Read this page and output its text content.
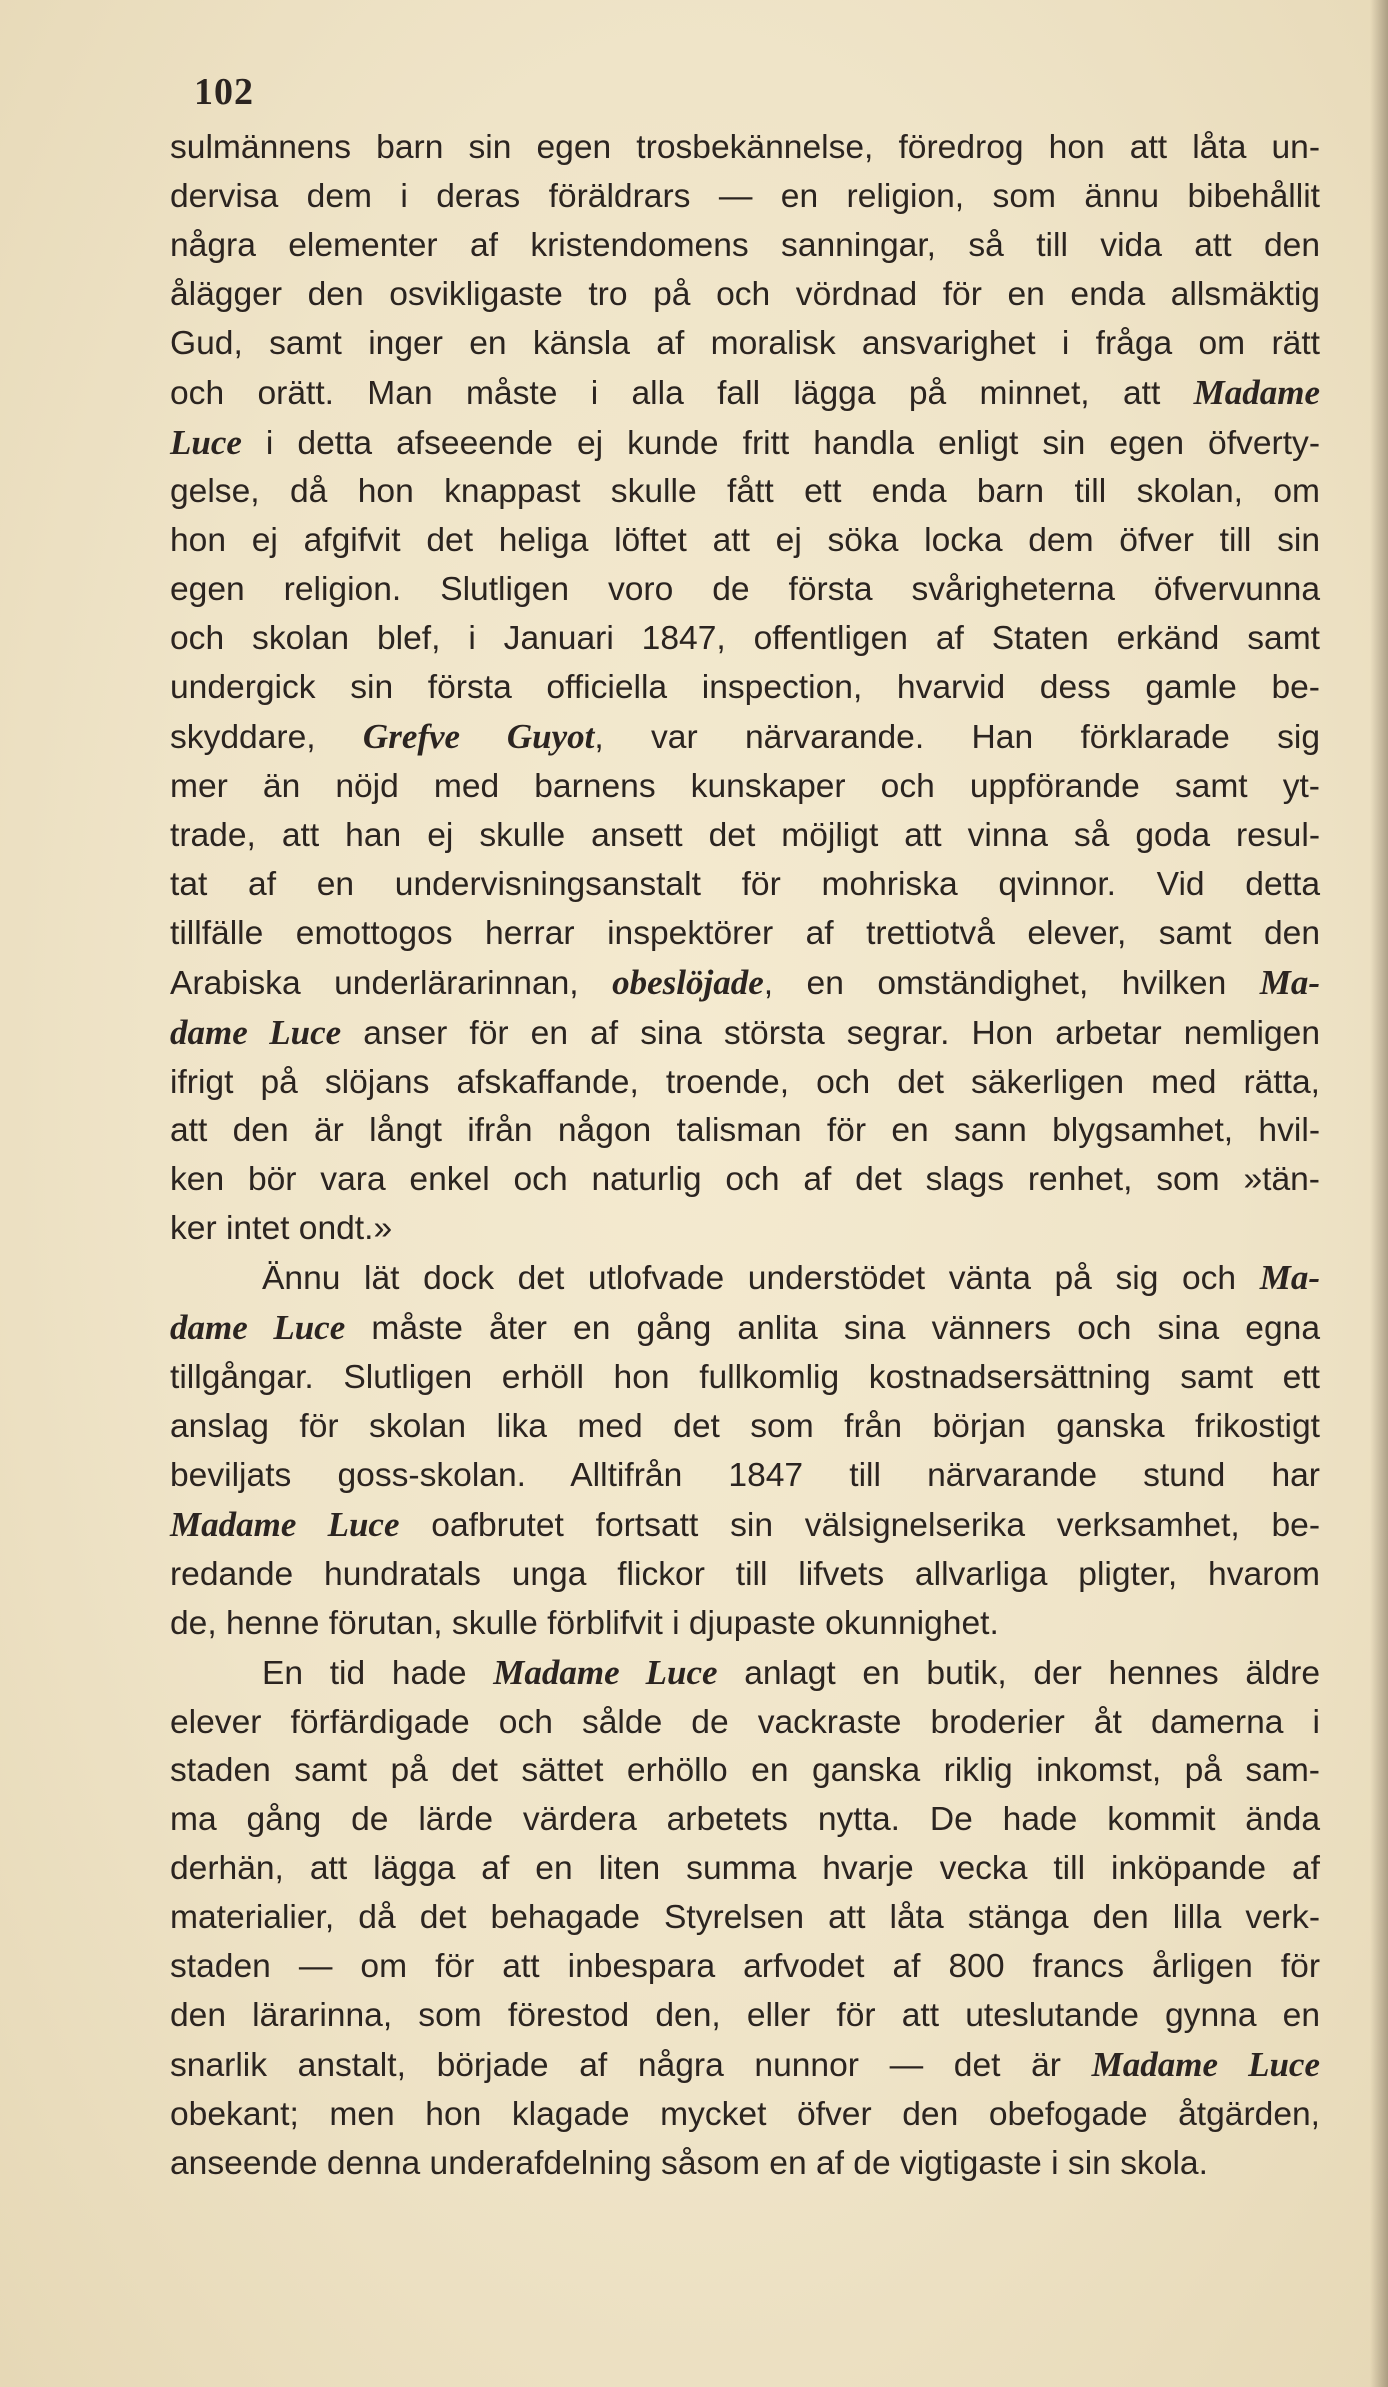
102

sulmännens barn sin egen trosbekännelse, föredrog hon att låta un-
dervisa dem i deras föräldrars — en religion, som ännu bibehållit
några elementer af kristendomens sanningar, så till vida att den
ålägger den osvikligaste tro på och vördnad för en enda allsmäktig
Gud, samt inger en känsla af moralisk ansvarighet i fråga om rätt
och orätt. Man måste i alla fall lägga på minnet, att Madame
Luce i detta afseeende ej kunde fritt handla enligt sin egen öfverty-
gelse, då hon knappast skulle fått ett enda barn till skolan, om
hon ej afgifvit det heliga löftet att ej söka locka dem öfver till sin
egen religion. Slutligen voro de första svårigheterna öfvervunna
och skolan blef, i Januari 1847, offentligen af Staten erkänd samt
undergick sin första officiella inspection, hvarvid dess gamle be-
skyddare, Grefve Guyot, var närvarande. Han förklarade sig
mer än nöjd med barnens kunskaper och uppförande samt yt-
trade, att han ej skulle ansett det möjligt att vinna så goda resul-
tat af en undervisningsanstalt för mohriska qvinnor. Vid detta
tillfälle emottogos herrar inspektörer af trettiotvå elever, samt den
Arabiska underlärarinnan, obeslöjade, en omständighet, hvilken Ma-
dame Luce anser för en af sina största segrar. Hon arbetar nemligen
ifrigt på slöjans afskaffande, troende, och det säkerligen med rätta,
att den är långt ifrån någon talisman för en sann blygsamhet, hvil-
ken bör vara enkel och naturlig och af det slags renhet, som »tän-
ker intet ondt.»

Ännu lät dock det utlofvade understödet vänta på sig och Ma-
dame Luce måste åter en gång anlita sina vänners och sina egna
tillgångar. Slutligen erhöll hon fullkomlig kostnadsersättning samt ett
anslag för skolan lika med det som från början ganska frikostigt
beviljats goss-skolan. Alltifrån 1847 till närvarande stund har
Madame Luce oafbrutet fortsatt sin välsignelserika verksamhet, be-
redande hundratals unga flickor till lifvets allvarliga pligter, hvarom
de, henne förutan, skulle förblifvit i djupaste okunnighet.

En tid hade Madame Luce anlagt en butik, der hennes äldre
elever förfärdigade och sålde de vackraste broderier åt damerna i
staden samt på det sättet erhöllo en ganska riklig inkomst, på sam-
ma gång de lärde värdera arbetets nytta. De hade kommit ända
derhän, att lägga af en liten summa hvarje vecka till inköpande af
materialier, då det behagade Styrelsen att låta stänga den lilla verk-
staden — om för att inbespara arfvodet af 800 francs årligen för
den lärarinna, som förestod den, eller för att uteslutande gynna en
snarlik anstalt, började af några nunnor — det är Madame Luce
obekant; men hon klagade mycket öfver den obefogade åtgärden,
anseende denna underafdelning såsom en af de vigtigaste i sin skola.
